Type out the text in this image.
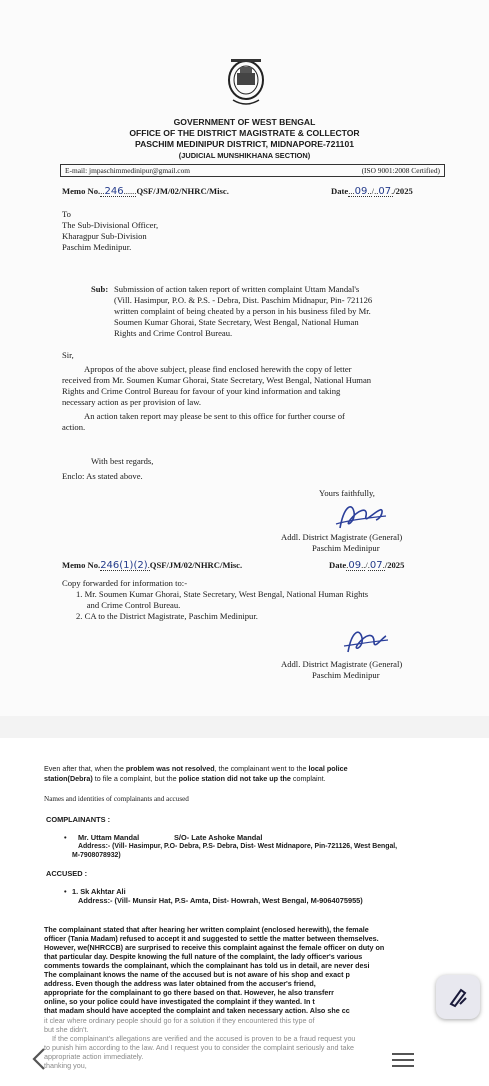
GOVERNMENT OF WEST BENGAL
OFFICE OF THE DISTRICT MAGISTRATE & COLLECTOR
PASCHIM MEDINIPUR DISTRICT, MIDNAPORE-721101
(JUDICIAL MUNSHIKHANA SECTION)
E-mail: jmpaschimmedinipur@gmail.com	(ISO 9001:2008 Certified)
Memo No...246......QSF/JM/02/NHRC/Misc.	Date...09../..07./2025
To
The Sub-Divisional Officer,
Kharagpur Sub-Division
Paschim Medinipur.
Sub: Submission of action taken report of written complaint Uttam Mandal's
(Vill. Hasimpur, P.O. & P.S. - Debra, Dist. Paschim Midnapur, Pin- 721126
written complaint of being cheated by a person in his business filed by Mr.
Soumen Kumar Ghorai, State Secretary, West Bengal, National Human
Rights and Crime Control Bureau.
Sir,
Apropos of the above subject, please find enclosed herewith the copy of letter
received from Mr. Soumen Kumar Ghorai, State Secretary, West Bengal, National Human
Rights and Crime Control Bureau for favour of your kind information and taking
necessary action as per provision of law.
An action taken report may please be sent to this office for further course of
action.
With best regards,
Enclo: As stated above.
Yours faithfully,
Addl. District Magistrate (General)
Paschim Medinipur
Memo No.246(1)(2).QSF/JM/02/NHRC/Misc.	Date.09../.07./2025
Copy forwarded for information to:-
1. Mr. Soumen Kumar Ghorai, State Secretary, West Bengal, National Human Rights
and Crime Control Bureau.
2. CA to the District Magistrate, Paschim Medinipur.
Addl. District Magistrate (General)
Paschim Medinipur
Even after that, when the problem was not resolved, the complainant went to the local police
station(Debra) to file a complaint, but the police station did not take up the complaint.
Names and identities of complainants and accused
COMPLAINANTS :
• Mr. Uttam Mandal	S/O- Late Ashoke Mandal
Address:- (Vill- Hasimpur, P.O- Debra, P.S- Debra, Dist- West Midnapore, Pin-721126, West Bengal,
M-7908078932)
ACCUSED :
• 1. Sk Akhtar Ali
Address:- (Vill- Munsir Hat, P.S- Amta, Dist- Howrah, West Bengal, M-9064075955)
The complainant stated that after hearing her written complaint (enclosed herewith), the female
officer (Tania Madam) refused to accept it and suggested to settle the matter between themselves.
However, we(NHRCCB) are surprised to receive this complaint against the female officer on duty on
that particular day. Despite knowing the full nature of the complaint, the lady officer's various
comments towards the complainant, which the complainant has told us in detail, are never desi
The complainant knows the name of the accused but is not aware of his shop and exact p
address. Even though the address was later obtained from the accuser's friend,
appropriate for the complainant to go there based on that. However, he also transferr
online, so your police could have investigated the complaint if they wanted. In t
that madam should have accepted the complaint and taken necessary action. Also she cc
it clear where ordinary people should go for a solution if they encountered this type of
but she didn't.
If the complainant's allegations are verified and the accused is proven to be a fraud request you
to punish him according to the law. And I request you to consider the complaint seriously and take
appropriate action immediately.
thanking you,
